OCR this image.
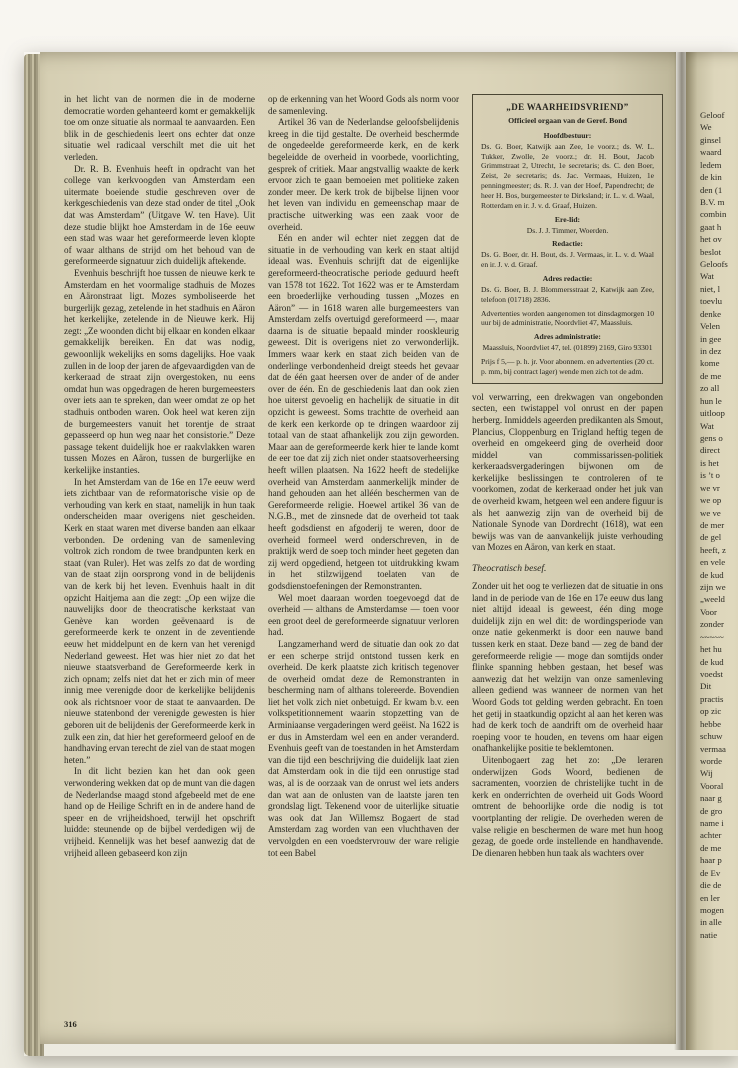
in het licht van de normen die in de moderne democratie worden gehanteerd komt er gemakkelijk toe om onze situatie als normaal te aanvaarden. Een blik in de geschiedenis leert ons echter dat onze situatie wel radicaal verschilt met die uit het verleden.

Dr. R. B. Evenhuis heeft in opdracht van het college van kerkvoogden van Amsterdam een uitermate boeiende studie geschreven over de kerkgeschiedenis van deze stad onder de titel „Ook dat was Amsterdam” (Uitgave W. ten Have). Uit deze studie blijkt hoe Amsterdam in de 16e eeuw een stad was waar het gereformeerde leven klopte of waar althans de strijd om het behoud van de gereformeerde signatuur zich duidelijk aftekende.

Evenhuis beschrijft hoe tussen de nieuwe kerk te Amsterdam en het voormalige stadhuis de Mozes en Aäronstraat ligt. Mozes symboliseerde het burgerlijk gezag, zetelende in het stadhuis en Aäron het kerkelijke, zetelende in de Nieuwe kerk. Hij zegt: „Ze woonden dicht bij elkaar en konden elkaar gemakkelijk bereiken. En dat was nodig, gewoonlijk wekelijks en soms dagelijks. Hoe vaak zullen in de loop der jaren de afgevaardigden van de kerkeraad de straat zijn overgestoken, nu eens omdat hun was opgedragen de heren burgemeesters over iets aan te spreken, dan weer omdat ze op het stadhuis ontboden waren. Ook heel wat keren zijn de burgemeesters vanuit het torentje de straat gepasseerd op hun weg naar het consistorie.” Deze passage tekent duidelijk hoe er raakvlakken waren tussen Mozes en Aäron, tussen de burgerlijke en kerkelijke instanties.

In het Amsterdam van de 16e en 17e eeuw werd iets zichtbaar van de reformatorische visie op de verhouding van kerk en staat, namelijk in hun taak onderscheiden maar overigens niet gescheiden. Kerk en staat waren met diverse banden aan elkaar verbonden. De ordening van de samenleving voltrok zich rondom de twee brandpunten kerk en staat (van Ruler). Het was zelfs zo dat de wording van de staat zijn oorsprong vond in de belijdenis van de kerk bij het leven. Evenhuis haalt in dit opzicht Haitjema aan die zegt: „Op een wijze die nauwelijks door de theocratische kerkstaat van Genève kan worden geëvenaard is de gereformeerde kerk te onzent in de zeventiende eeuw het middelpunt en de kern van het verenigd Nederland geweest. Het was hier niet zo dat het nieuwe staatsverband de Gereformeerde kerk in zich opnam; zelfs niet dat het er zich min of meer innig mee verenigde door de kerkelijke belijdenis ook als richtsnoer voor de staat te aanvaarden. De nieuwe statenbond der verenigde gewesten is hier geboren uit de belijdenis der Gereformeerde kerk in zulk een zin, dat hier het gereformeerd geloof en de handhaving ervan terecht de ziel van de staat mogen heten.”

In dit licht bezien kan het dan ook geen verwondering wekken dat op de munt van die dagen de Nederlandse maagd stond afgebeeld met de ene hand op de Heilige Schrift en in de andere hand de speer en de vrijheidshoed, terwijl het opschrift luidde: steunende op de bijbel verdedigen wij de vrijheid. Kennelijk was het besef aanwezig dat de vrijheid alleen gebaseerd kon zijn

op de erkenning van het Woord Gods als norm voor de samenleving.

Artikel 36 van de Nederlandse geloofsbelijdenis kreeg in die tijd gestalte. De overheid beschermde de ongedeelde gereformeerde kerk, en de kerk begeleidde de overheid in voorbede, voorlichting, gesprek of critiek. Maar angstvallig waakte de kerk ervoor zich te gaan bemoeien met politieke zaken zonder meer. De kerk trok de bijbelse lijnen voor het leven van individu en gemeenschap maar de practische uitwerking was een zaak voor de overheid.

Eén en ander wil echter niet zeggen dat de situatie in de verhouding van kerk en staat altijd ideaal was. Evenhuis schrijft dat de eigenlijke gereformeerd-theocratische periode geduurd heeft van 1578 tot 1622. Tot 1622 was er te Amsterdam een broederlijke verhouding tussen „Mozes en Aäron” — in 1618 waren alle burgemeesters van Amsterdam zelfs overtuigd gereformeerd —, maar daarna is de situatie bepaald minder rooskleurig geweest. Dit is overigens niet zo verwonderlijk. Immers waar kerk en staat zich beiden van de onderlinge verbondenheid dreigt steeds het gevaar dat de één gaat heersen over de ander of de ander over de één. En de geschiedenis laat dan ook zien hoe uiterst gevoelig en hachelijk de situatie in dit opzicht is geweest. Soms trachtte de overheid aan de kerk een kerkorde op te dringen waardoor zij totaal van de staat afhankelijk zou zijn geworden. Maar aan de gereformeerde kerk hier te lande komt de eer toe dat zij zich niet onder staatsoverheersing heeft willen plaatsen. Na 1622 heeft de stedelijke overheid van Amsterdam aanmerkelijk minder de hand gehouden aan het alléén beschermen van de Gereformeerde religie. Hoewel artikel 36 van de N.G.B., met de zinsnede dat de overheid tot taak heeft godsdienst en afgoderij te weren, door de overheid formeel werd onderschreven, in de praktijk werd de soep toch minder heet gegeten dan zij werd opgediend, hetgeen tot uitdrukking kwam in het stilzwijgend toelaten van de godsdienstoefeningen der Remonstranten.

Wel moet daaraan worden toegevoegd dat de overheid — althans de Amsterdamse — toen voor een groot deel de gereformeerde signatuur verloren had.

Langzamerhand werd de situatie dan ook zo dat er een scherpe strijd ontstond tussen kerk en overheid. De kerk plaatste zich kritisch tegenover de overheid omdat deze de Remonstranten in bescherming nam of althans tolereerde. Bovendien liet het volk zich niet onbetuigd. Er kwam b.v. een volkspetitionnement waarin stopzetting van de Arminiaanse vergaderingen werd geëist. Na 1622 is er dus in Amsterdam wel een en ander veranderd. Evenhuis geeft van de toestanden in het Amsterdam van die tijd een beschrijving die duidelijk laat zien dat Amsterdam ook in die tijd een onrustige stad was, al is de oorzaak van de onrust wel iets anders dan wat aan de onlusten van de laatste jaren ten grondslag ligt. Tekenend voor de uiterlijke situatie was ook dat Jan Willemsz Bogaert de stad Amsterdam zag worden van een vluchthaven der vervolgden en een voedstervrouw der ware religie tot een Babel

„DE WAARHEIDSVRIEND”
Officieel orgaan van de Geref. Bond
Hoofdbestuur:
Ds. G. Boer, Katwijk aan Zee, 1e voorz.; ds. W. L. Tukker, Zwolle, 2e voorz.; dr. H. Bout, Jacob Grimmstraat 2, Utrecht, 1e secretaris; ds. C. den Boer, Zeist, 2e secretaris; ds. Jac. Vermaas, Huizen, 1e penningmeester; ds. R. J. van der Hoef, Papendrecht; de heer H. Bos, burgemeester te Dirksland; ir. L. v. d. Waal, Rotterdam en ir. J. v. d. Graaf, Huizen.
Ere-lid:
Ds. J. J. Timmer, Woerden.
Redactie:
Ds. G. Boer, dr. H. Bout, ds. J. Vermaas, ir. L. v. d. Waal en ir. J. v. d. Graaf.
Adres redactie:
Ds. G. Boer, B. J. Blommersstraat 2, Katwijk aan Zee, telefoon (01718) 2836.
Advertenties worden aangenomen tot dinsdagmorgen 10 uur bij de administratie, Noordvliet 47, Maassluis.
Adres administratie:
Maassluis, Noordvliet 47, tel. (01899) 2169, Giro 93301
Prijs f 5,— p. h. jr. Voor abonnem. en advertenties (20 ct. p. mm, bij contract lager) wende men zich tot de adm.

vol verwarring, een drekwagen van ongebonden secten, een twistappel vol onrust en der papen herberg. Inmiddels ageerden predikanten als Smout, Plancius, Cloppenburg en Trigland heftig tegen de overheid en omgekeerd ging de overheid door middel van commissarissen-politiek kerkeraadsvergaderingen bijwonen om de kerkelijke beslissingen te controleren of te voorkomen, zodat de kerkeraad onder het juk van de overheid kwam, hetgeen wel een andere figuur is als het aanwezig zijn van de overheid bij de Nationale Synode van Dordrecht (1618), wat een bewijs was van de aanvankelijk juiste verhouding van Mozes en Aäron, van kerk en staat.

Theocratisch besef.

Zonder uit het oog te verliezen dat de situatie in ons land in de periode van de 16e en 17e eeuw dus lang niet altijd ideaal is geweest, één ding moge duidelijk zijn en wel dit: de wordingsperiode van onze natie gekenmerkt is door een nauwe band tussen kerk en staat. Deze band — zeg de band der gereformeerde religie — moge dan somtijds onder flinke spanning hebben gestaan, het besef was aanwezig dat het welzijn van onze samenleving alleen gediend was wanneer de normen van het Woord Gods tot gelding werden gebracht. En toen het getij in staatkundig opzicht al aan het keren was had de kerk toch de aandrift om de overheid haar roeping voor te houden, en tevens om haar eigen onafhankelijke positie te beklemtonen.

Uitenbogaert zag het zo: „De leraren onderwijzen Gods Woord, bedienen de sacramenten, voorzien de christelijke tucht in de kerk en onderrichten de overheid uit Gods Woord omtrent de behoorlijke orde die nodig is tot voortplanting der religie. De overheden weren de valse religie en beschermen de ware met hun hoog gezag, de goede orde instellende en handhavende. De dienaren hebben hun taak als wachters over

316

Geloof

We

ginsel

waard

ledem

de kin

den (1

B.V. m

combin

gaat h

het ov

beslot

Geloofs

Wat

niet, l

toevlu

denke

Velen

in gee

in dez

kome

de me

zo all

hun le

uitloop

Wat

gens o

direct

is het

is ’t o

we vr

we op

we ve

de mer

de gel

heeft, z

en vele

de kud

zijn we

„weeld

Voor

zonder

~~~~~

het hu

de kud

voedst

Dit

practis

op zic

hebbe

schuw

vermaa

worde

Wij

Vooral

naar g

de gro

name i

achter

de me

haar p

de Ev

die de

en ler

mogen

in alle

natie
